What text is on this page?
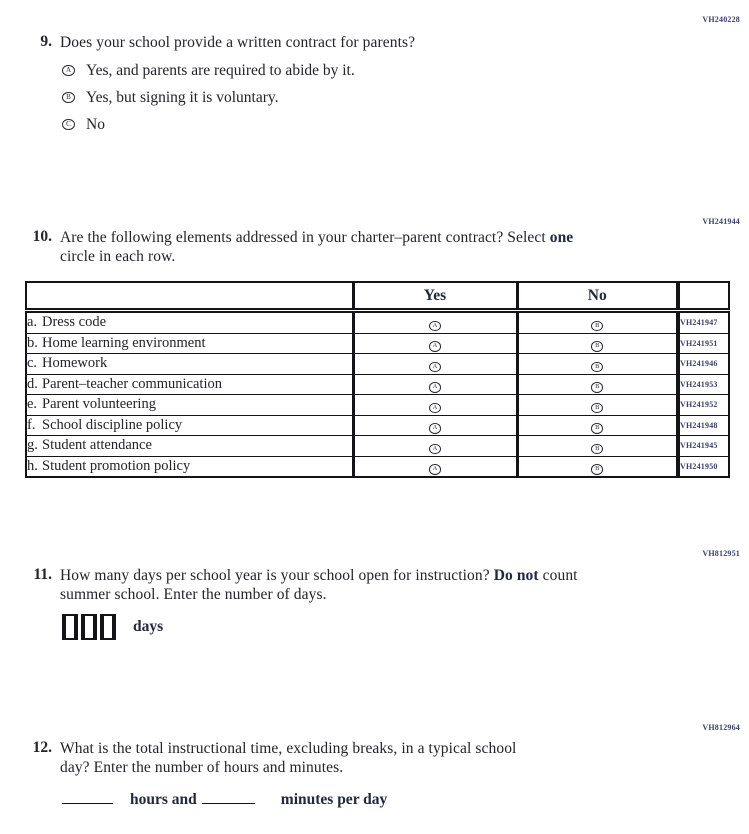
VH240228
9. Does your school provide a written contract for parents?
A Yes, and parents are required to abide by it.
B Yes, but signing it is voluntary.
C No
VH241944
10. Are the following elements addressed in your charter–parent contract? Select one
circle in each row.
	Yes	No	
a. Dress code	A	B	VH241947
b. Home learning environment	A	B	VH241951
c. Homework	A	B	VH241946
d. Parent–teacher communication	A	B	VH241953
e. Parent volunteering	A	B	VH241952
f. School discipline policy	A	B	VH241948
g. Student attendance	A	B	VH241945
h. Student promotion policy	A	B	VH241950
VH812951
11. How many days per school year is your school open for instruction? Do not count
summer school. Enter the number of days.
days
VH812964
12. What is the total instructional time, excluding breaks, in a typical school
day? Enter the number of hours and minutes.
hours and	minutes per day
